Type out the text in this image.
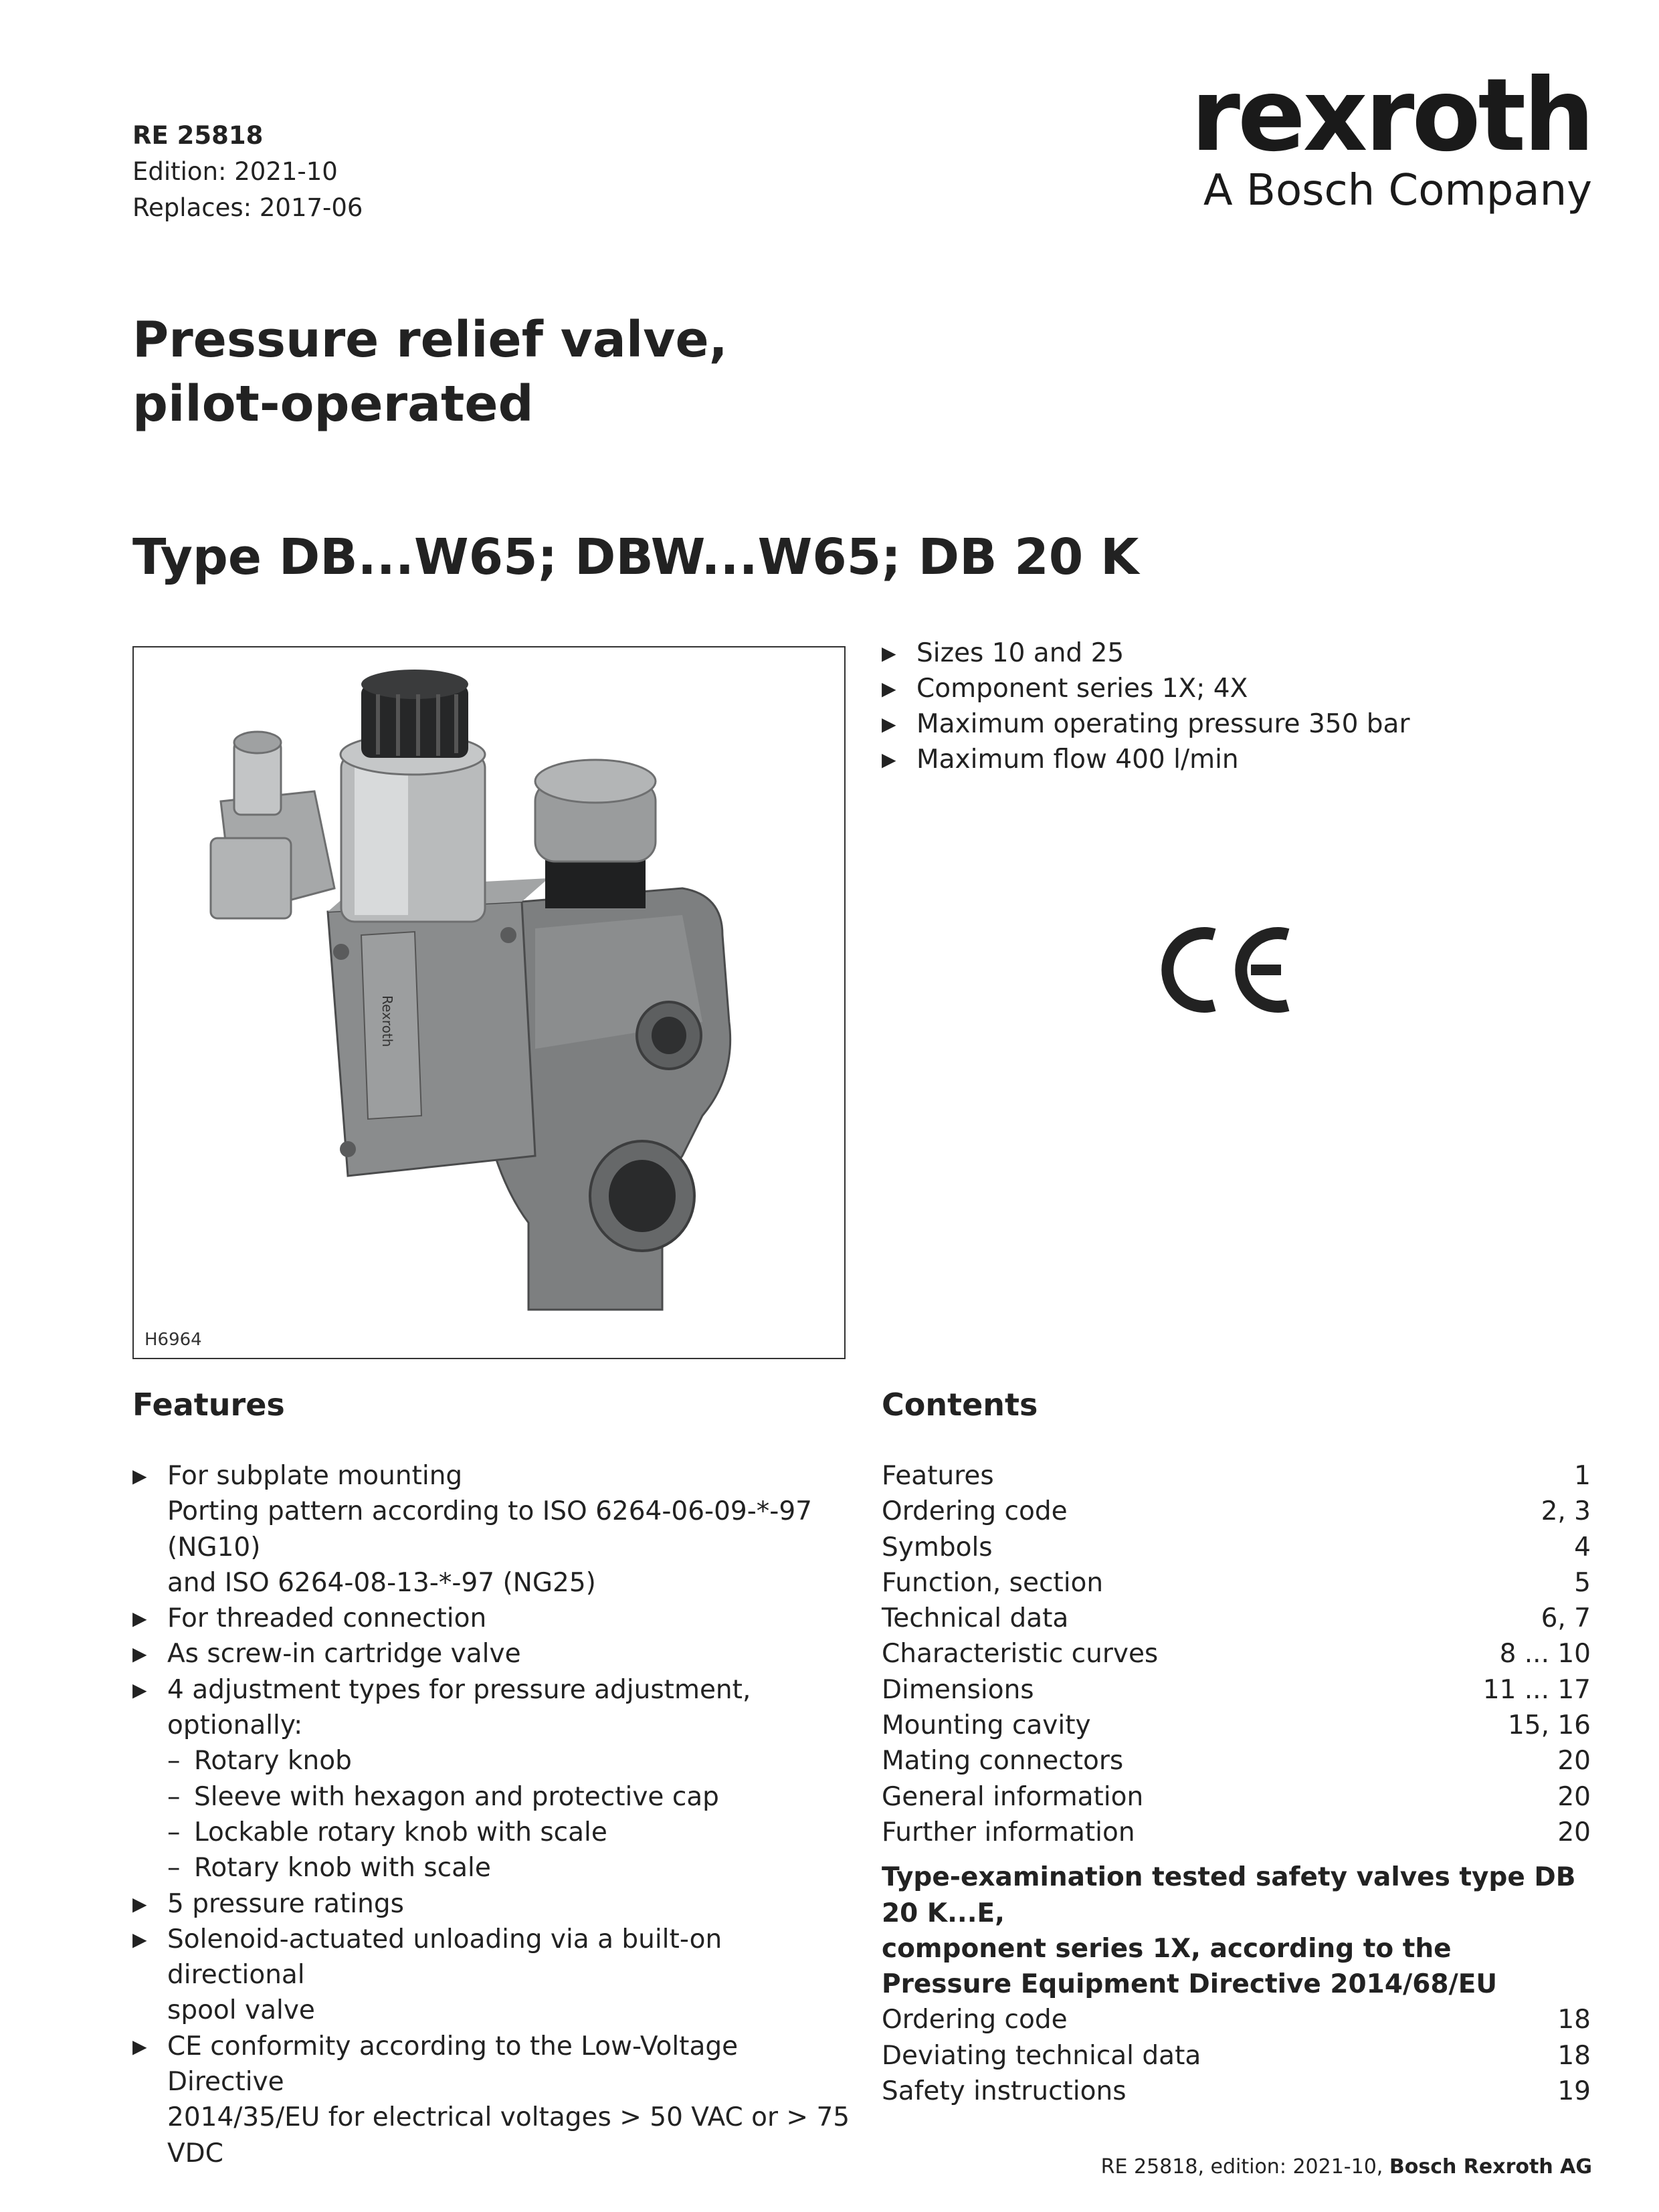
RE 25818
Edition: 2021-10
Replaces: 2017-06
rexroth
A Bosch Company
Pressure relief valve,
pilot-operated
Type DB...W65; DBW...W65; DB 20 K
Rexroth
H6964
▶ Sizes 10 and 25
▶ Component series 1X; 4X
▶ Maximum operating pressure 350 bar
▶ Maximum flow 400 l/min
Features
▶ For subplate mounting
Porting pattern according to ISO 6264-06-09-*-97 (NG10)
and ISO 6264-08-13-*-97 (NG25)
▶ For threaded connection
▶ As screw-in cartridge valve
▶ 4 adjustment types for pressure adjustment, optionally:
– Rotary knob
– Sleeve with hexagon and protective cap
– Lockable rotary knob with scale
– Rotary knob with scale
▶ 5 pressure ratings
▶ Solenoid-actuated unloading via a built-on directional
spool valve
▶ CE conformity according to the Low-Voltage Directive
2014/35/EU for electrical voltages > 50 VAC or > 75 VDC
Contents
Features	1
Ordering code	2, 3
Symbols	4
Function, section	5
Technical data	6, 7
Characteristic curves	8 ... 10
Dimensions	11 ... 17
Mounting cavity	15, 16
Mating connectors	20
General information	20
Further information	20
Type-examination tested safety valves type DB 20 K...E,
component series 1X, according to the
Pressure Equipment Directive 2014/68/EU
Ordering code	18
Deviating technical data	18
Safety instructions	19
RE 25818, edition: 2021-10, Bosch Rexroth AG
